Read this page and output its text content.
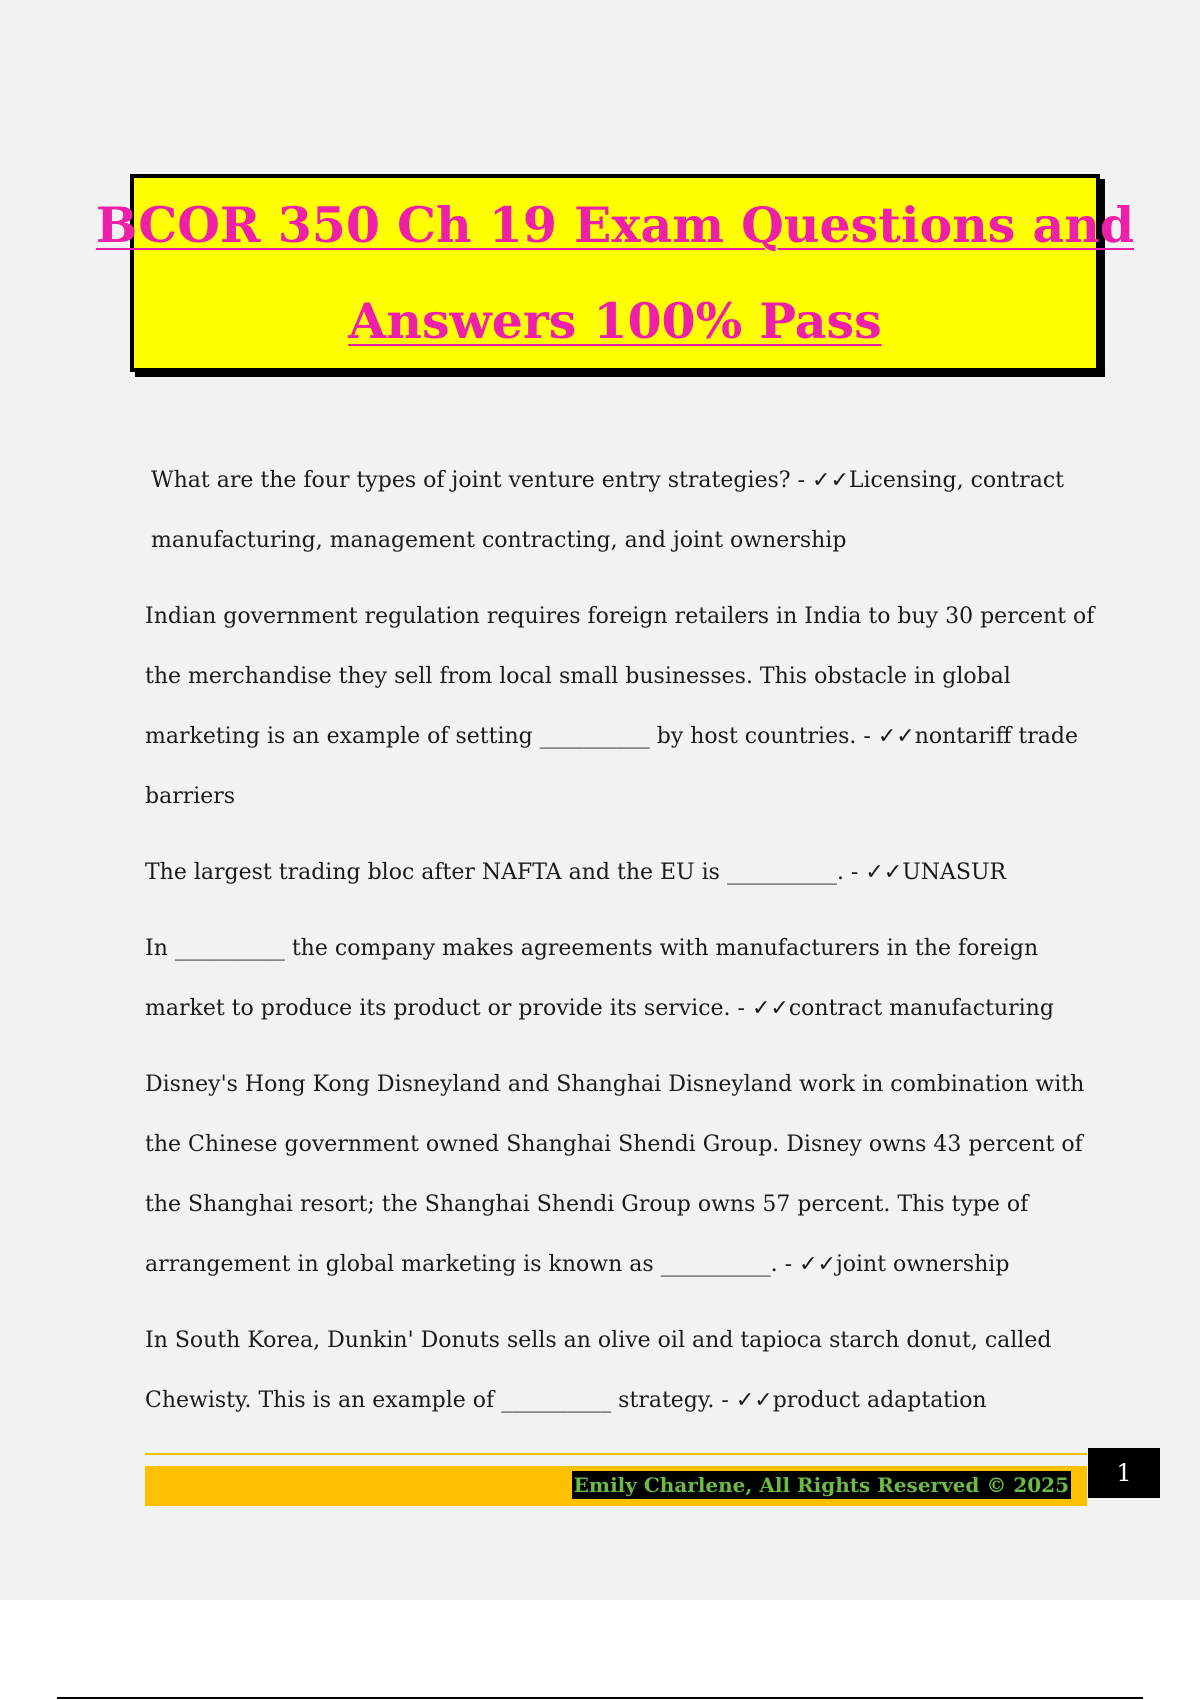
BCOR 350 Ch 19 Exam Questions and
Answers 100% Pass

What are the four types of joint venture entry strategies? - ✓✓Licensing, contract manufacturing, management contracting, and joint ownership

Indian government regulation requires foreign retailers in India to buy 30 percent of the merchandise they sell from local small businesses. This obstacle in global marketing is an example of setting __________ by host countries. - ✓✓nontariff trade barriers

The largest trading bloc after NAFTA and the EU is __________. - ✓✓UNASUR

In __________ the company makes agreements with manufacturers in the foreign market to produce its product or provide its service. - ✓✓contract manufacturing

Disney's Hong Kong Disneyland and Shanghai Disneyland work in combination with the Chinese government owned Shanghai Shendi Group. Disney owns 43 percent of the Shanghai resort; the Shanghai Shendi Group owns 57 percent. This type of arrangement in global marketing is known as __________. - ✓✓joint ownership

In South Korea, Dunkin' Donuts sells an olive oil and tapioca starch donut, called Chewisty. This is an example of __________ strategy. - ✓✓product adaptation

Emily Charlene, All Rights Reserved © 2025	1
